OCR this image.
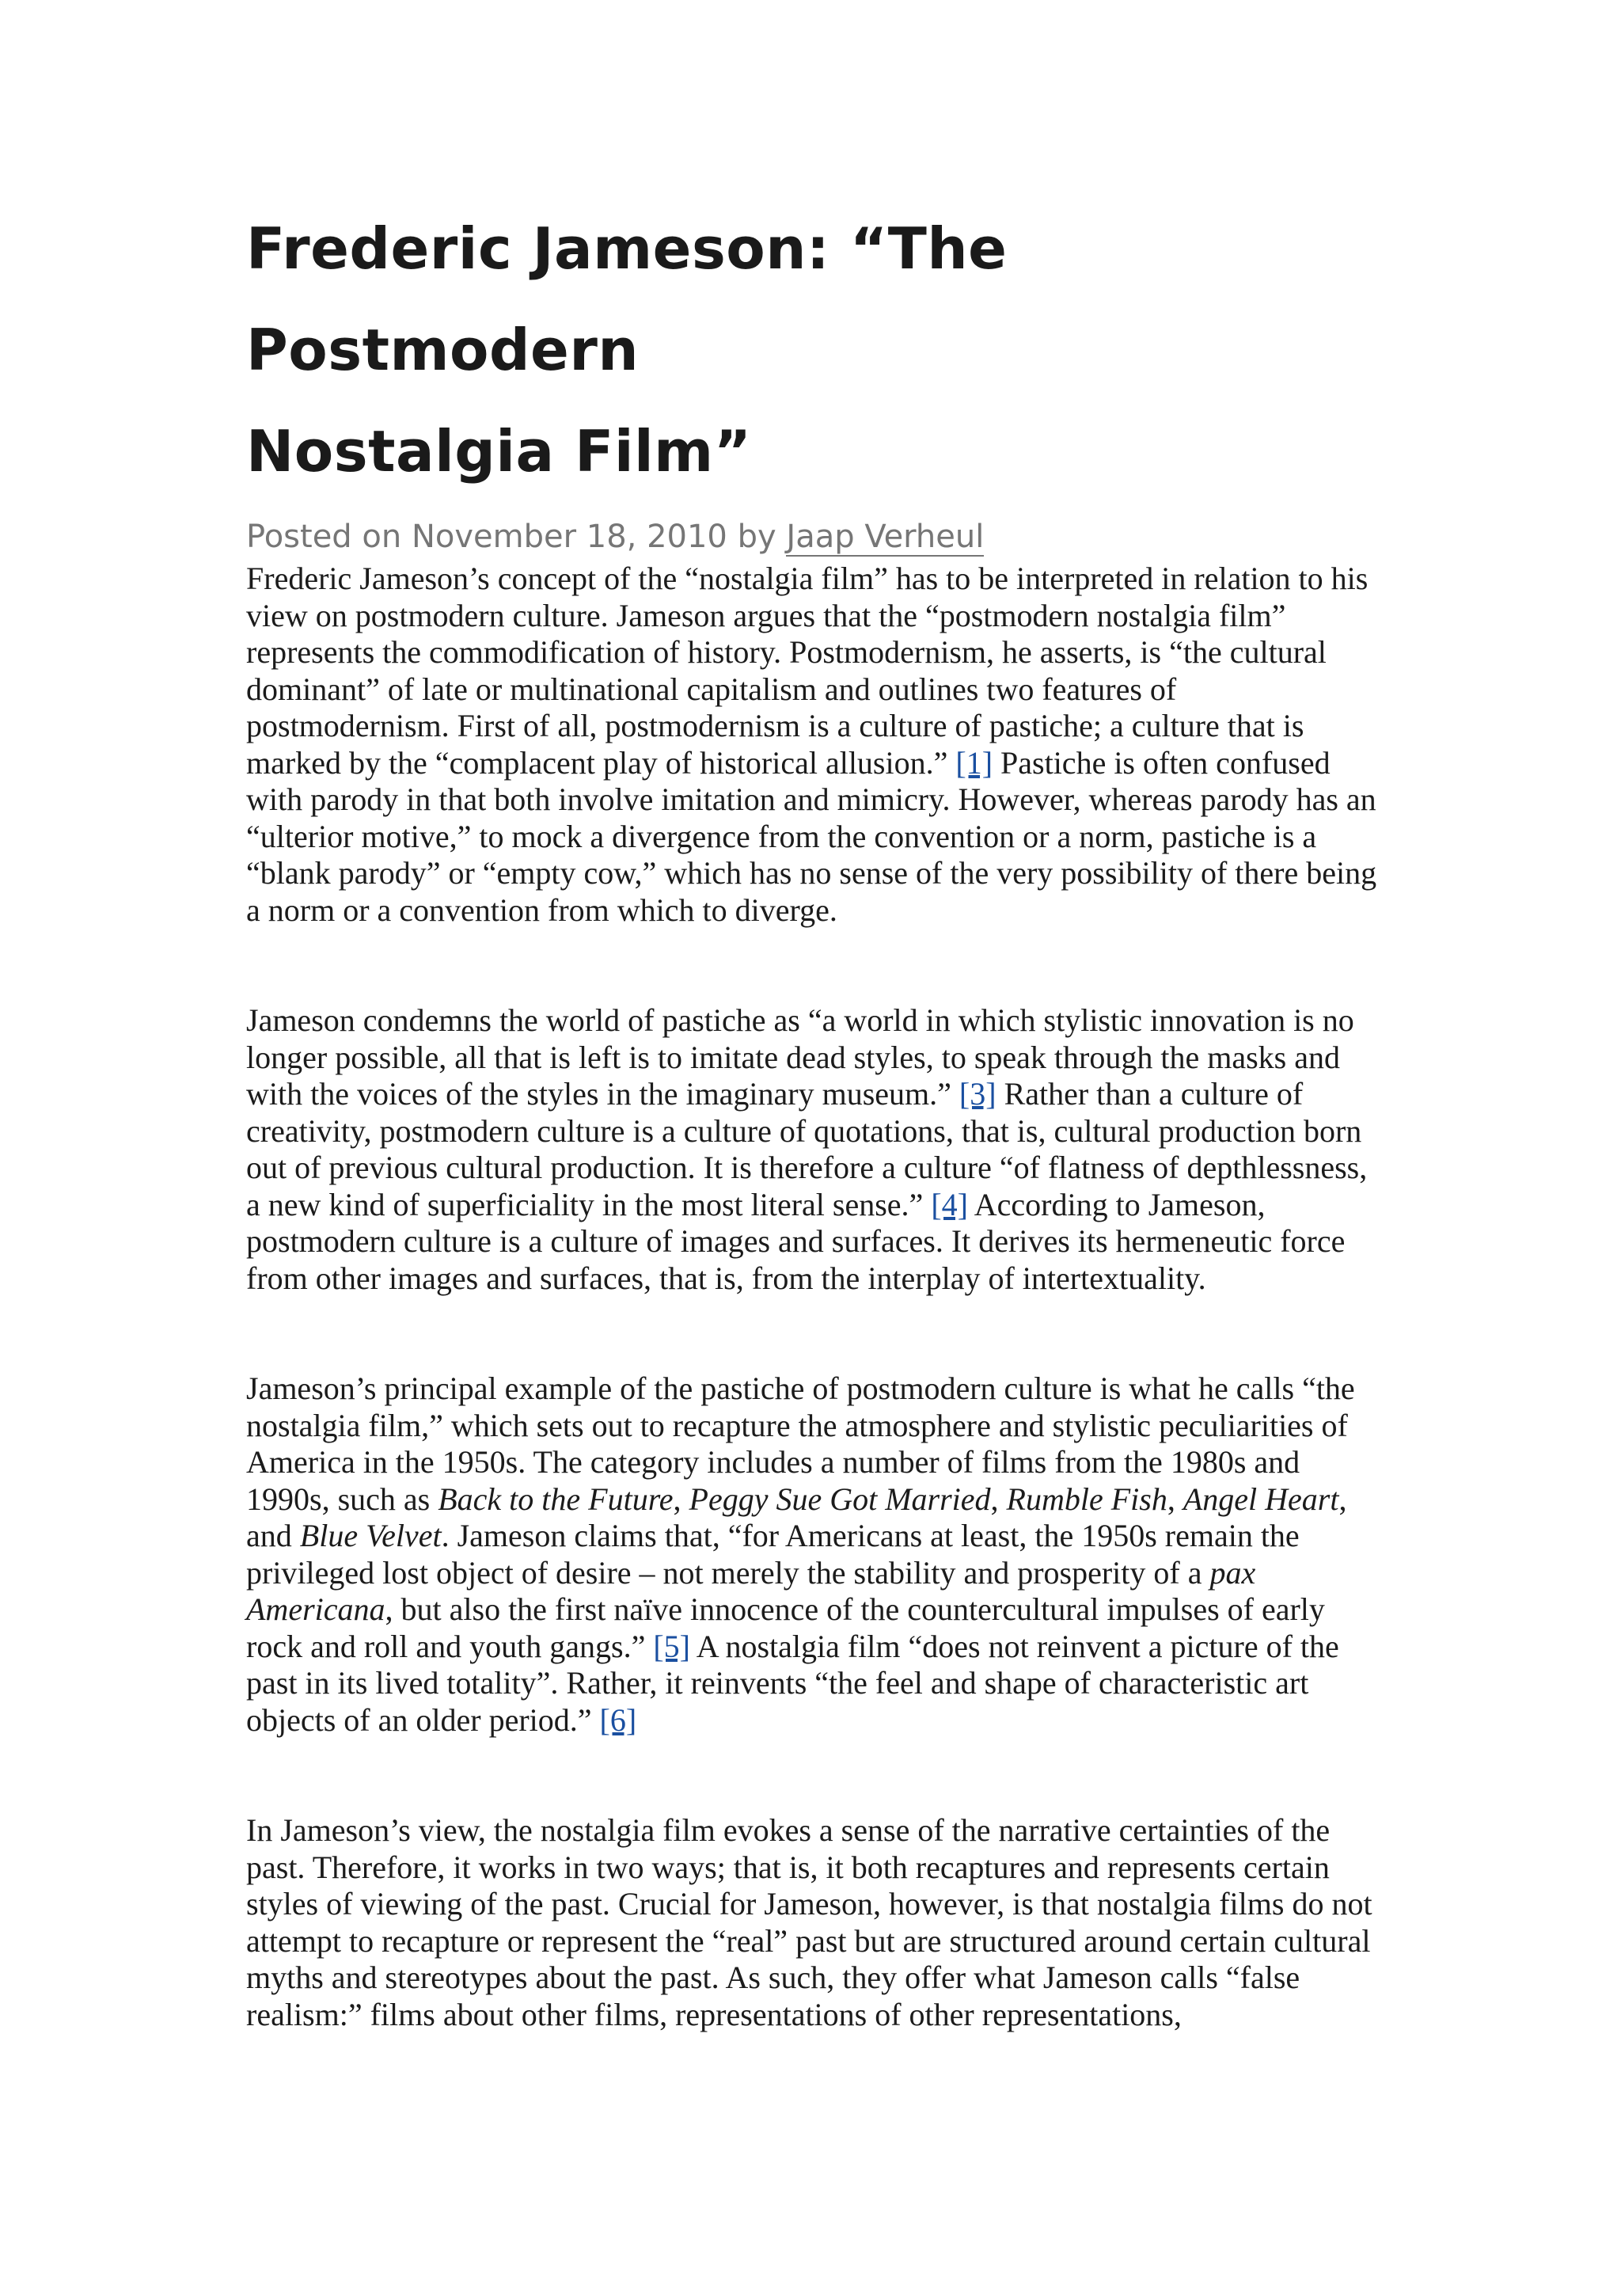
Frederic Jameson: “The Postmodern
Nostalgia Film”

Posted on November 18, 2010 by Jaap Verheul

Frederic Jameson’s concept of the “nostalgia film” has to be interpreted in relation to his view on postmodern culture. Jameson argues that the “postmodern nostalgia film” represents the commodification of history. Postmodernism, he asserts, is “the cultural dominant” of late or multinational capitalism and outlines two features of postmodernism. First of all, postmodernism is a culture of pastiche; a culture that is marked by the “complacent play of historical allusion.” [1] Pastiche is often confused with parody in that both involve imitation and mimicry. However, whereas parody has an “ulterior motive,” to mock a divergence from the convention or a norm, pastiche is a “blank parody” or “empty cow,” which has no sense of the very possibility of there being a norm or a convention from which to diverge.

Jameson condemns the world of pastiche as “a world in which stylistic innovation is no longer possible, all that is left is to imitate dead styles, to speak through the masks and with the voices of the styles in the imaginary museum.” [3] Rather than a culture of creativity, postmodern culture is a culture of quotations, that is, cultural production born out of previous cultural production. It is therefore a culture “of flatness of depthlessness, a new kind of superficiality in the most literal sense.” [4] According to Jameson, postmodern culture is a culture of images and surfaces. It derives its hermeneutic force from other images and surfaces, that is, from the interplay of intertextuality.

Jameson’s principal example of the pastiche of postmodern culture is what he calls “the nostalgia film,” which sets out to recapture the atmosphere and stylistic peculiarities of America in the 1950s. The category includes a number of films from the 1980s and 1990s, such as Back to the Future, Peggy Sue Got Married, Rumble Fish, Angel Heart, and Blue Velvet. Jameson claims that, “for Americans at least, the 1950s remain the privileged lost object of desire – not merely the stability and prosperity of a pax Americana, but also the first naïve innocence of the countercultural impulses of early rock and roll and youth gangs.” [5] A nostalgia film “does not reinvent a picture of the past in its lived totality”. Rather, it reinvents “the feel and shape of characteristic art objects of an older period.” [6]

In Jameson’s view, the nostalgia film evokes a sense of the narrative certainties of the past. Therefore, it works in two ways; that is, it both recaptures and represents certain styles of viewing of the past. Crucial for Jameson, however, is that nostalgia films do not attempt to recapture or represent the “real” past but are structured around certain cultural myths and stereotypes about the past. As such, they offer what Jameson calls “false realism:” films about other films, representations of other representations,
